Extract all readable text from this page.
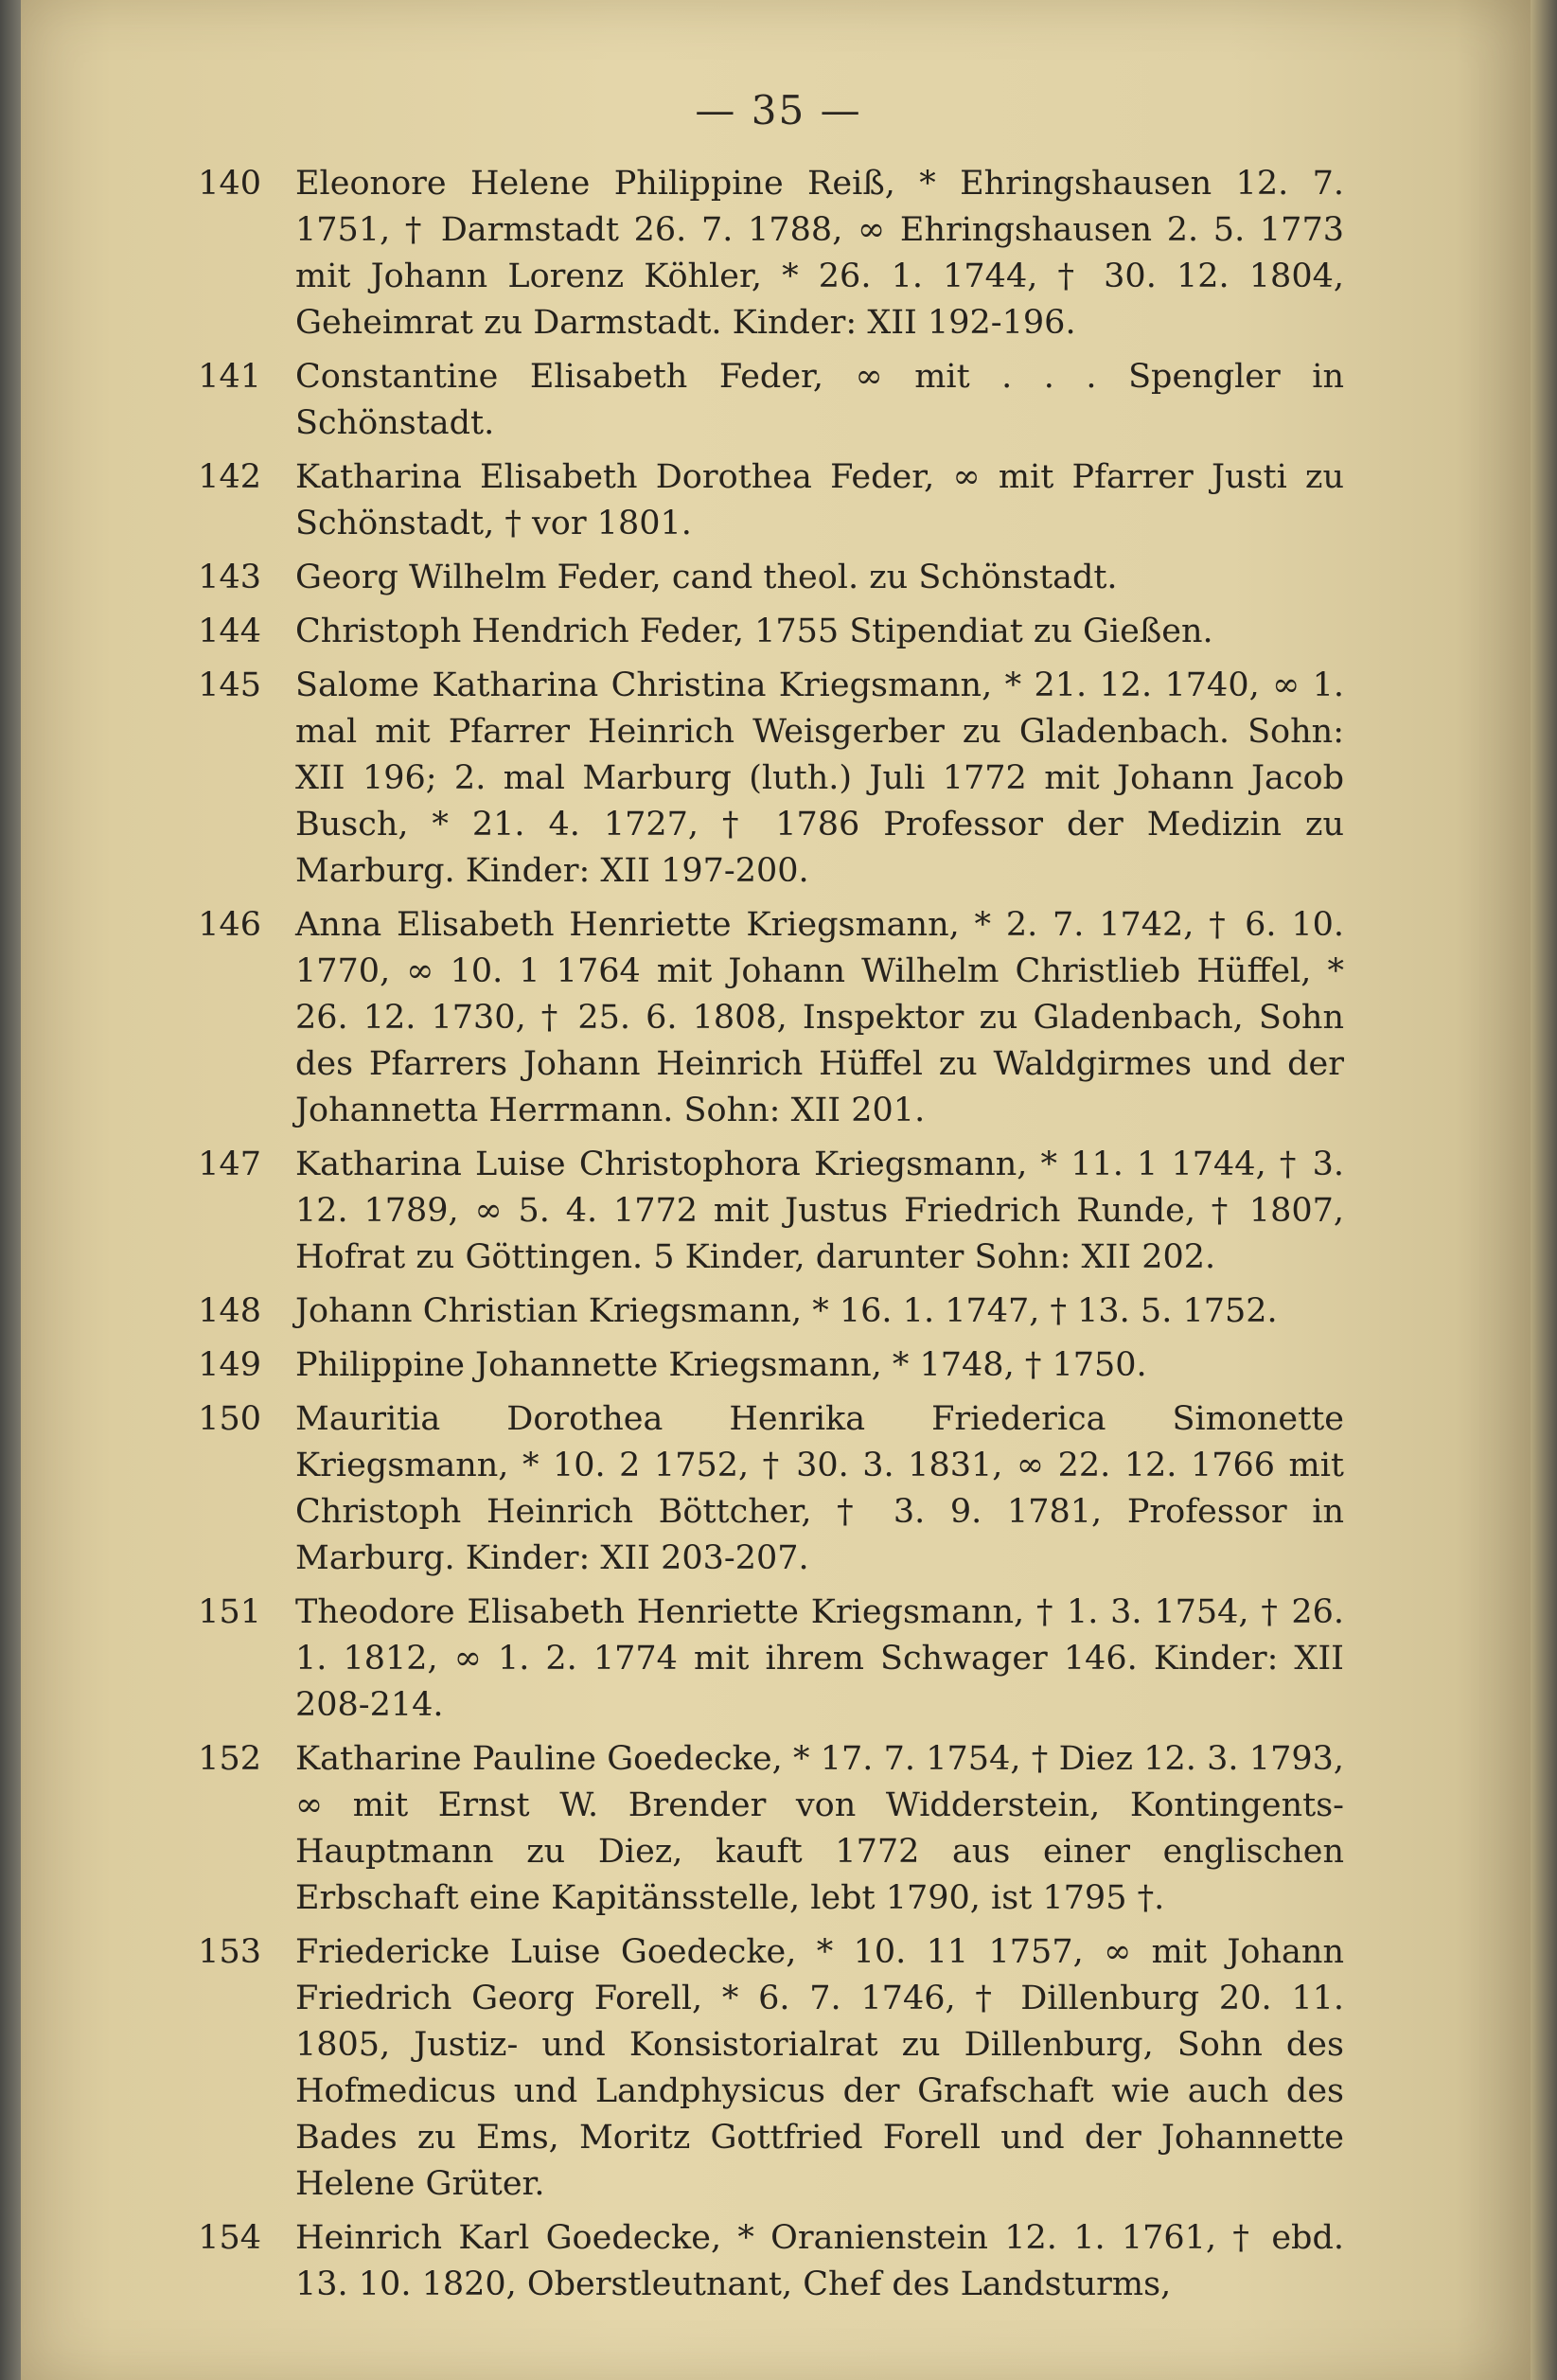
— 35 —
140	Eleonore Helene Philippine Reiß, * Ehringshausen 12. 7. 1751, † Darmstadt 26. 7. 1788, ∞ Ehringshausen 2. 5. 1773 mit Johann Lorenz Köhler, * 26. 1. 1744, † 30. 12. 1804, Geheimrat zu Darmstadt. Kinder: XII 192-196.
141	Constantine Elisabeth Feder, ∞ mit . . . Spengler in Schönstadt.
142	Katharina Elisabeth Dorothea Feder, ∞ mit Pfarrer Justi zu Schönstadt, † vor 1801.
143	Georg Wilhelm Feder, cand theol. zu Schönstadt.
144	Christoph Hendrich Feder, 1755 Stipendiat zu Gießen.
145	Salome Katharina Christina Kriegsmann, * 21. 12. 1740, ∞ 1. mal mit Pfarrer Heinrich Weisgerber zu Gladenbach. Sohn: XII 196; 2. mal Marburg (luth.) Juli 1772 mit Johann Jacob Busch, * 21. 4. 1727, † 1786 Professor der Medizin zu Marburg. Kinder: XII 197-200.
146	Anna Elisabeth Henriette Kriegsmann, * 2. 7. 1742, † 6. 10. 1770, ∞ 10. 1 1764 mit Johann Wilhelm Christlieb Hüffel, * 26. 12. 1730, † 25. 6. 1808, Inspektor zu Gladenbach, Sohn des Pfarrers Johann Heinrich Hüffel zu Waldgirmes und der Johannetta Herrmann. Sohn: XII 201.
147	Katharina Luise Christophora Kriegsmann, * 11. 1 1744, † 3. 12. 1789, ∞ 5. 4. 1772 mit Justus Friedrich Runde, † 1807, Hofrat zu Göttingen. 5 Kinder, darunter Sohn: XII 202.
148	Johann Christian Kriegsmann, * 16. 1. 1747, † 13. 5. 1752.
149	Philippine Johannette Kriegsmann, * 1748, † 1750.
150	Mauritia Dorothea Henrika Friederica Simonette Kriegsmann, * 10. 2 1752, † 30. 3. 1831, ∞ 22. 12. 1766 mit Christoph Heinrich Böttcher, † 3. 9. 1781, Professor in Marburg. Kinder: XII 203-207.
151	Theodore Elisabeth Henriette Kriegsmann, † 1. 3. 1754, † 26. 1. 1812, ∞ 1. 2. 1774 mit ihrem Schwager 146. Kinder: XII 208-214.
152	Katharine Pauline Goedecke, * 17. 7. 1754, † Diez 12. 3. 1793, ∞ mit Ernst W. Brender von Widderstein, Kontingents-Hauptmann zu Diez, kauft 1772 aus einer englischen Erbschaft eine Kapitänsstelle, lebt 1790, ist 1795 †.
153	Friedericke Luise Goedecke, * 10. 11 1757, ∞ mit Johann Friedrich Georg Forell, * 6. 7. 1746, † Dillenburg 20. 11. 1805, Justiz- und Konsistorialrat zu Dillenburg, Sohn des Hofmedicus und Landphysicus der Grafschaft wie auch des Bades zu Ems, Moritz Gottfried Forell und der Johannette Helene Grüter.
154	Heinrich Karl Goedecke, * Oranienstein 12. 1. 1761, † ebd. 13. 10. 1820, Oberstleutnant, Chef des Landsturms,
